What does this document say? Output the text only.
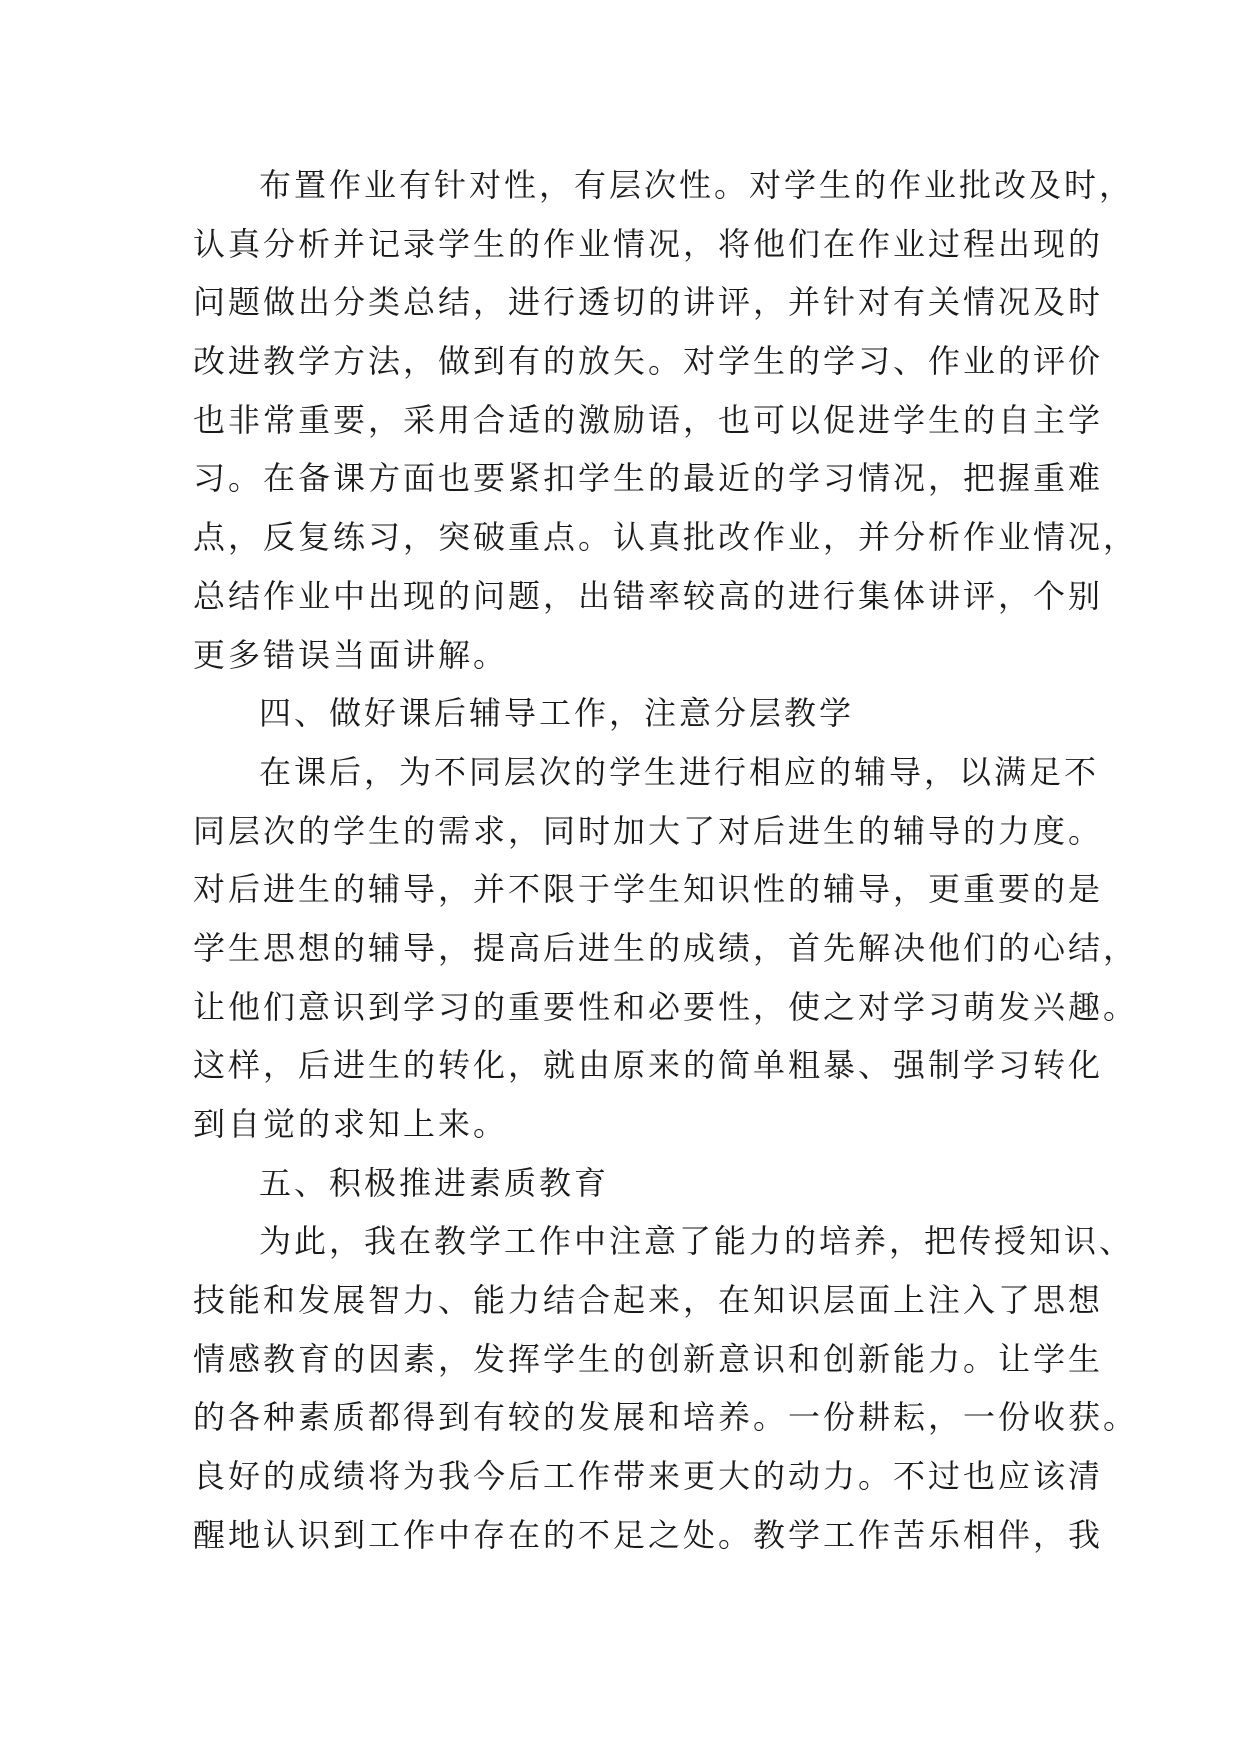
布置作业有针对性，有层次性。对学生的作业批改及时，
认真分析并记录学生的作业情况，将他们在作业过程出现的
问题做出分类总结，进行透切的讲评，并针对有关情况及时
改进教学方法，做到有的放矢。对学生的学习、作业的评价
也非常重要，采用合适的激励语，也可以促进学生的自主学
习。在备课方面也要紧扣学生的最近的学习情况，把握重难
点，反复练习，突破重点。认真批改作业，并分析作业情况，
总结作业中出现的问题，出错率较高的进行集体讲评，个别
更多错误当面讲解。
四、做好课后辅导工作，注意分层教学
在课后，为不同层次的学生进行相应的辅导，以满足不
同层次的学生的需求，同时加大了对后进生的辅导的力度。
对后进生的辅导，并不限于学生知识性的辅导，更重要的是
学生思想的辅导，提高后进生的成绩，首先解决他们的心结，
让他们意识到学习的重要性和必要性，使之对学习萌发兴趣。
这样，后进生的转化，就由原来的简单粗暴、强制学习转化
到自觉的求知上来。
五、积极推进素质教育
为此，我在教学工作中注意了能力的培养，把传授知识、
技能和发展智力、能力结合起来，在知识层面上注入了思想
情感教育的因素，发挥学生的创新意识和创新能力。让学生
的各种素质都得到有较的发展和培养。一份耕耘，一份收获。
良好的成绩将为我今后工作带来更大的动力。不过也应该清
醒地认识到工作中存在的不足之处。教学工作苦乐相伴，我
